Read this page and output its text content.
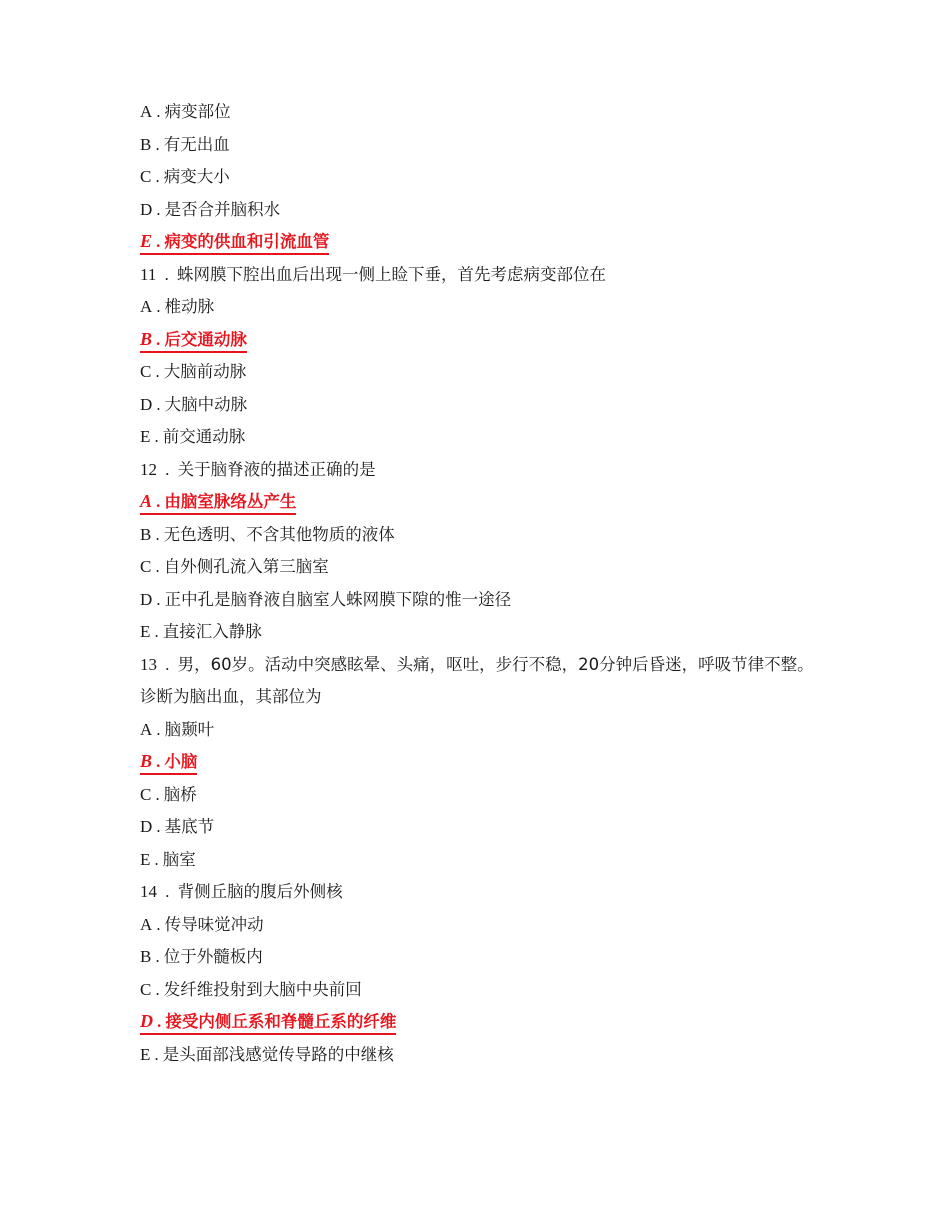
A . 病变部位
B . 有无出血
C . 病变大小
D . 是否合并脑积水
E . 病变的供血和引流血管
11  .  蛛网膜下腔出血后出现一侧上睑下垂，首先考虑病变部位在
A . 椎动脉
B . 后交通动脉
C . 大脑前动脉
D . 大脑中动脉
E . 前交通动脉
12  .  关于脑脊液的描述正确的是
A . 由脑室脉络丛产生
B . 无色透明、不含其他物质的液体
C . 自外侧孔流入第三脑室
D . 正中孔是脑脊液自脑室人蛛网膜下隙的惟一途径
E . 直接汇入静脉
13  .  男，60岁。活动中突感眩晕、头痛，呕吐，步行不稳，20分钟后昏迷，呼吸节律不整。诊断为脑出血，其部位为
A . 脑颞叶
B . 小脑
C . 脑桥
D . 基底节
E . 脑室
14  .  背侧丘脑的腹后外侧核
A . 传导味觉冲动
B . 位于外髓板内
C . 发纤维投射到大脑中央前回
D . 接受内侧丘系和脊髓丘系的纤维
E . 是头面部浅感觉传导路的中继核
